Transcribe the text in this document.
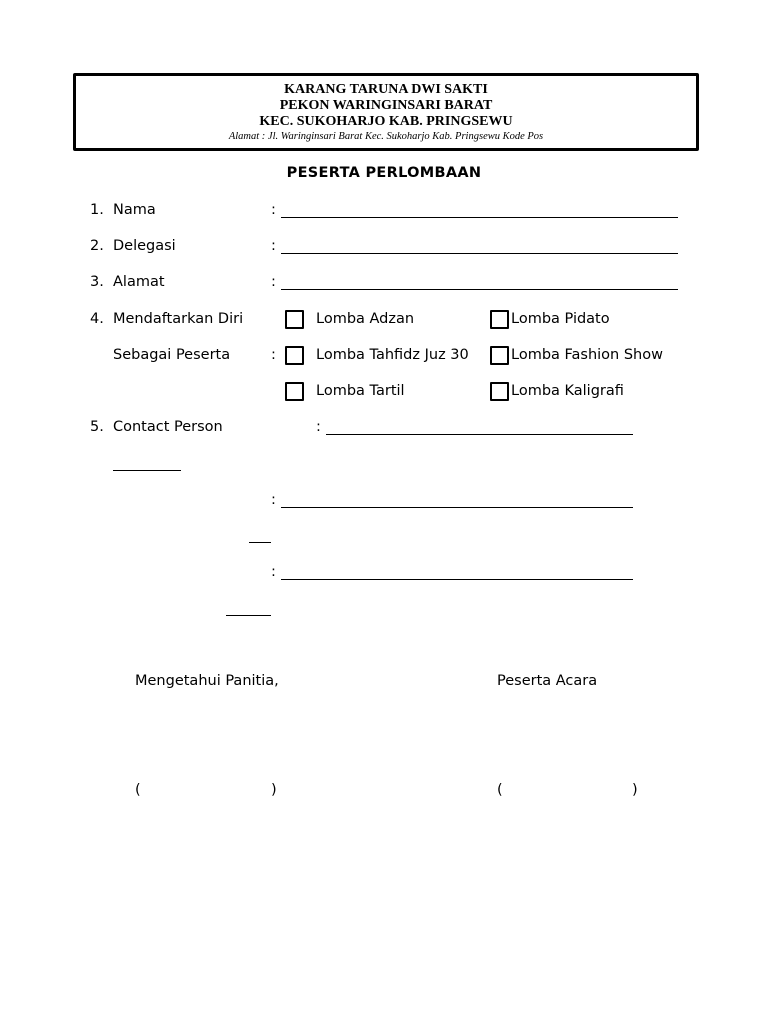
KARANG TARUNA DWI SAKTI
PEKON WARINGINSARI BARAT
KEC. SUKOHARJO KAB. PRINGSEWU
Alamat : Jl. Waringinsari Barat Kec. Sukoharjo Kab. Pringsewu Kode Pos
PESERTA PERLOMBAAN
1. Nama	:
2. Delegasi	:
3. Alamat	:
4. Mendaftarkan Diri
Sebagai Peserta	:
Lomba Adzan	Lomba Pidato
Lomba Tahfidz Juz 30	Lomba Fashion Show
Lomba Tartil	Lomba Kaligrafi
5. Contact Person	:
:
:
Mengetahui Panitia,	Peserta Acara
(	)	(	)
